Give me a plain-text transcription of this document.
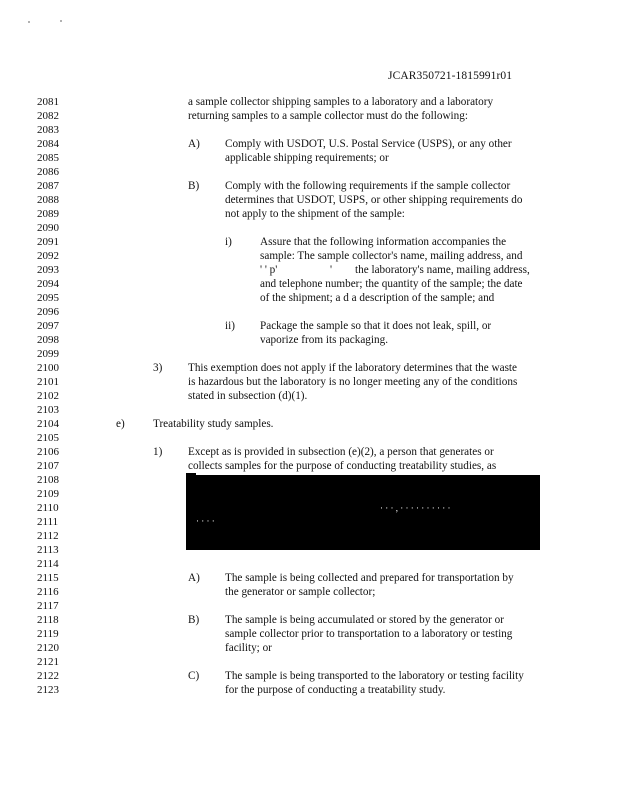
JCAR350721-1815991r01
2081
2082
2083
2084
2085
2086
2087
2088
2089
2090
2091
2092
2093
2094
2095
2096
2097
2098
2099
2100
2101
2102
2103
2104
2105
2106
2107
2108
2109
2110
2111
2112
2113
2114
2115
2116
2117
2118
2119
2120
2121
2122
2123
a sample collector shipping samples to a laboratory and a laboratory
returning samples to a sample collector must do the following:
A) Comply with USDOT, U.S. Postal Service (USPS), or any other
applicable shipping requirements; or
B) Comply with the following requirements if the sample collector
determines that USDOT, USPS, or other shipping requirements do
not apply to the shipment of the sample:
i)	Assure that the following information accompanies the
sample: The sample collector's name, mailing address, and
' ' p'	' the laboratory's name, mailing address,
and telephone number; the quantity of the sample; the date
of the shipment; a d a description of the sample; and
ii) Package the sample so that it does not leak, spill, or
vaporize from its packaging.
3) This exemption does not apply if the laboratory determines that the waste
is hazardous but the laboratory is no longer meeting any of the conditions
stated in subsection (d)(1).
e)	Treatability study samples.
1) Except as is provided in subsection (e)(2), a person that generates or
collects samples for the purpose of conducting treatability studies, as
· · · , · · · · · · · · · ·
· · · ·
A) The sample is being collected and prepared for transportation by
the generator or sample collector;
B) The sample is being accumulated or stored by the generator or
sample collector prior to transportation to a laboratory or testing
facility; or
C) The sample is being transported to the laboratory or testing facility
for the purpose of conducting a treatability study.
